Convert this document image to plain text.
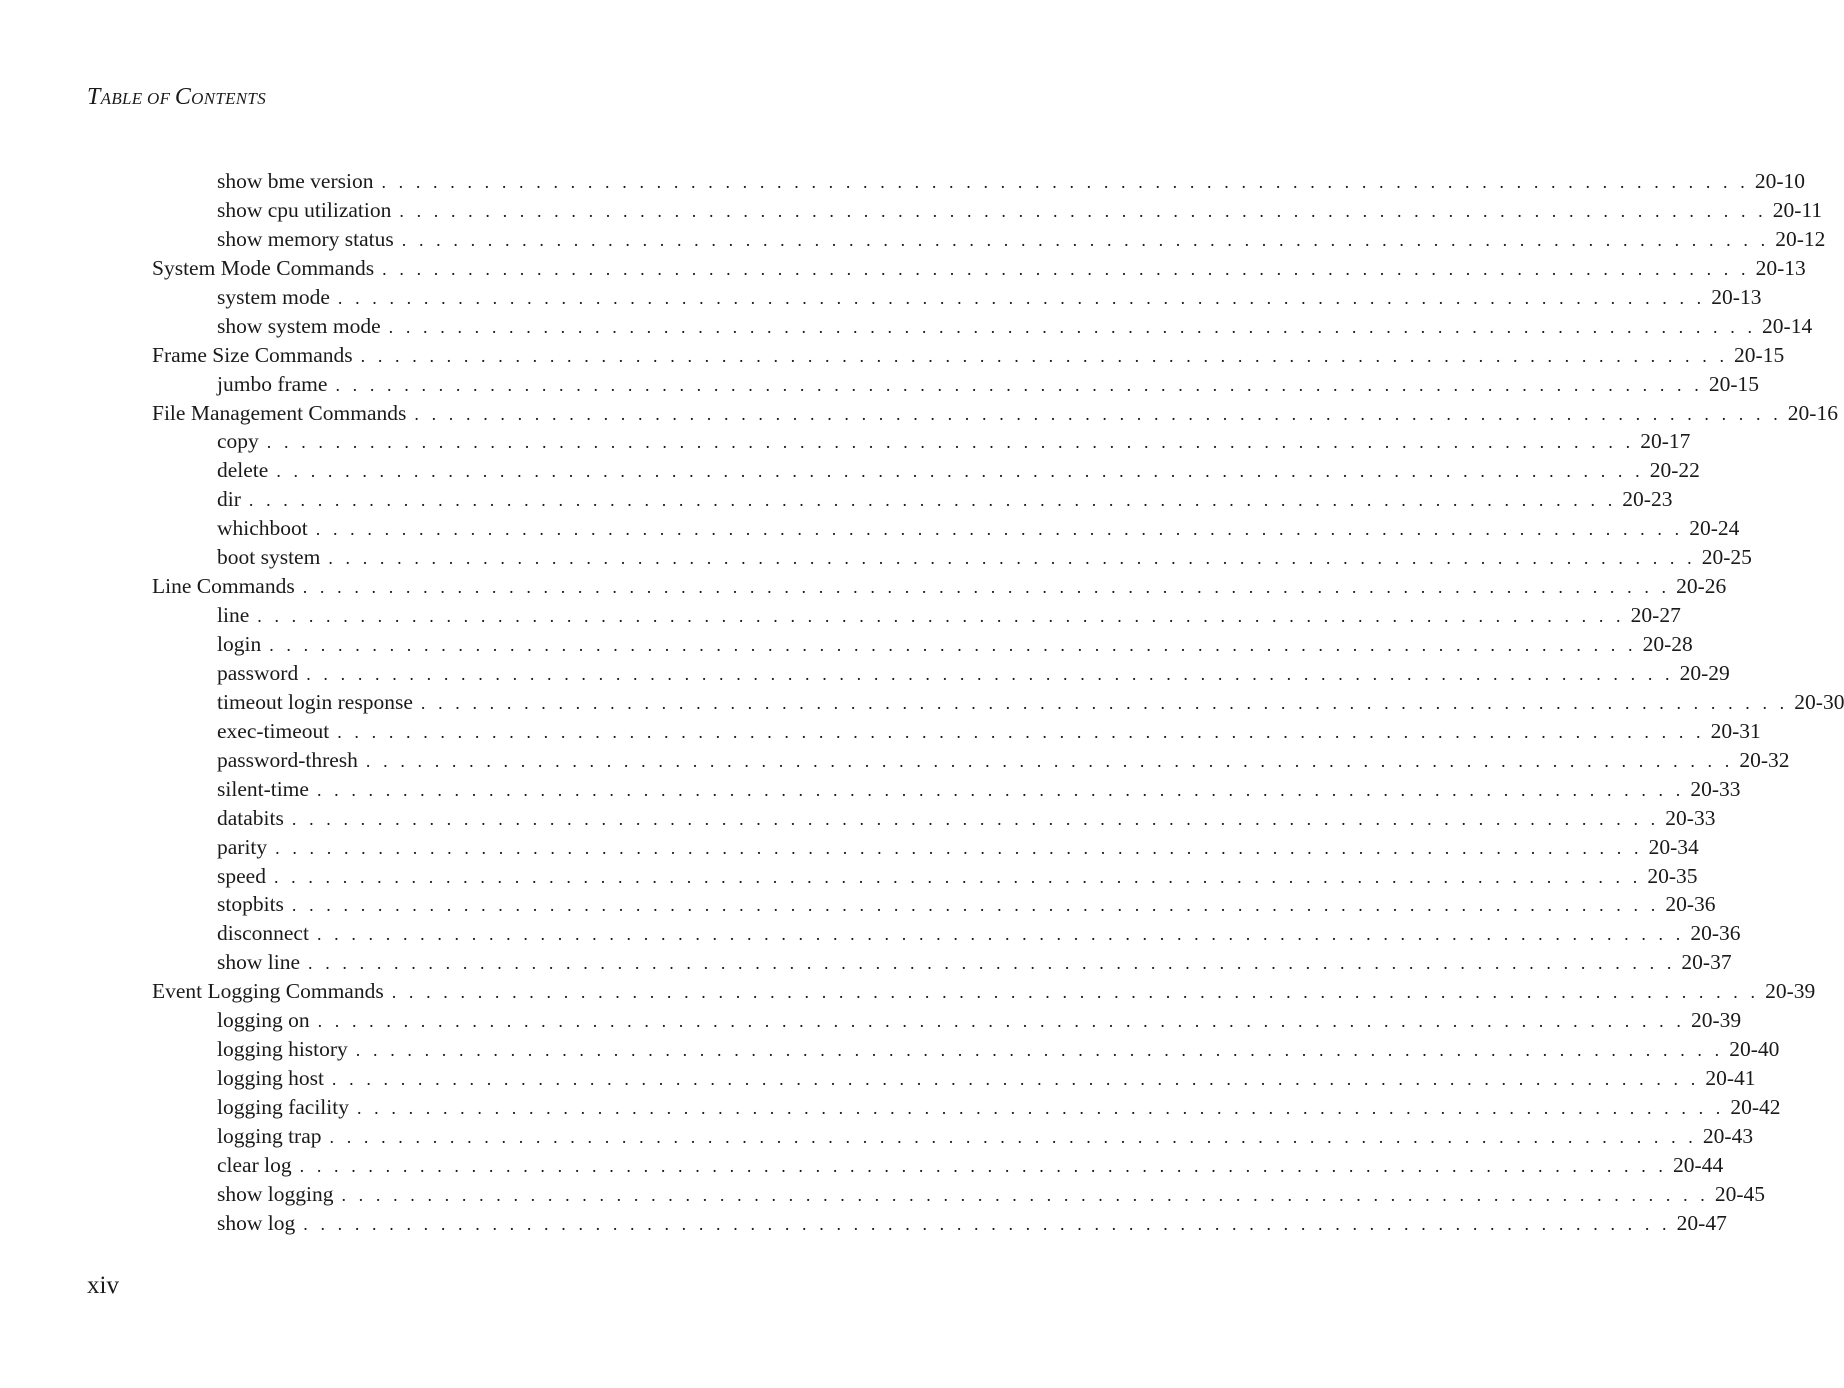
TABLE OF CONTENTS
show bme version . . . . . . . . . . . . . . . . . . . . . . . . . . . . . . . . . . . . . . . . . . . . . . . . . . . . . . . . . . . . . . . . . . . . . . . . . . . . . . . . 20-10
show cpu utilization . . . . . . . . . . . . . . . . . . . . . . . . . . . . . . . . . . . . . . . . . . . . . . . . . . . . . . . . . . . . . . . . . . . . . . . . . . . . . . . . 20-11
show memory status . . . . . . . . . . . . . . . . . . . . . . . . . . . . . . . . . . . . . . . . . . . . . . . . . . . . . . . . . . . . . . . . . . . . . . . . . . . . . . . . 20-12
System Mode Commands . . . . . . . . . . . . . . . . . . . . . . . . . . . . . . . . . . . . . . . . . . . . . . . . . . . . . . . . . . . . . . . . . . . . . . . . . . . . . . . . 20-13
system mode . . . . . . . . . . . . . . . . . . . . . . . . . . . . . . . . . . . . . . . . . . . . . . . . . . . . . . . . . . . . . . . . . . . . . . . . . . . . . . . . 20-13
show system mode . . . . . . . . . . . . . . . . . . . . . . . . . . . . . . . . . . . . . . . . . . . . . . . . . . . . . . . . . . . . . . . . . . . . . . . . . . . . . . . . 20-14
Frame Size Commands . . . . . . . . . . . . . . . . . . . . . . . . . . . . . . . . . . . . . . . . . . . . . . . . . . . . . . . . . . . . . . . . . . . . . . . . . . . . . . . . 20-15
jumbo frame . . . . . . . . . . . . . . . . . . . . . . . . . . . . . . . . . . . . . . . . . . . . . . . . . . . . . . . . . . . . . . . . . . . . . . . . . . . . . . . . 20-15
File Management Commands . . . . . . . . . . . . . . . . . . . . . . . . . . . . . . . . . . . . . . . . . . . . . . . . . . . . . . . . . . . . . . . . . . . . . . . . . . . . . . . . 20-16
copy . . . . . . . . . . . . . . . . . . . . . . . . . . . . . . . . . . . . . . . . . . . . . . . . . . . . . . . . . . . . . . . . . . . . . . . . . . . . . . . . 20-17
delete . . . . . . . . . . . . . . . . . . . . . . . . . . . . . . . . . . . . . . . . . . . . . . . . . . . . . . . . . . . . . . . . . . . . . . . . . . . . . . . . 20-22
dir . . . . . . . . . . . . . . . . . . . . . . . . . . . . . . . . . . . . . . . . . . . . . . . . . . . . . . . . . . . . . . . . . . . . . . . . . . . . . . . . 20-23
whichboot . . . . . . . . . . . . . . . . . . . . . . . . . . . . . . . . . . . . . . . . . . . . . . . . . . . . . . . . . . . . . . . . . . . . . . . . . . . . . . . . 20-24
boot system . . . . . . . . . . . . . . . . . . . . . . . . . . . . . . . . . . . . . . . . . . . . . . . . . . . . . . . . . . . . . . . . . . . . . . . . . . . . . . . . 20-25
Line Commands . . . . . . . . . . . . . . . . . . . . . . . . . . . . . . . . . . . . . . . . . . . . . . . . . . . . . . . . . . . . . . . . . . . . . . . . . . . . . . . . 20-26
line . . . . . . . . . . . . . . . . . . . . . . . . . . . . . . . . . . . . . . . . . . . . . . . . . . . . . . . . . . . . . . . . . . . . . . . . . . . . . . . . 20-27
login . . . . . . . . . . . . . . . . . . . . . . . . . . . . . . . . . . . . . . . . . . . . . . . . . . . . . . . . . . . . . . . . . . . . . . . . . . . . . . . . 20-28
password . . . . . . . . . . . . . . . . . . . . . . . . . . . . . . . . . . . . . . . . . . . . . . . . . . . . . . . . . . . . . . . . . . . . . . . . . . . . . . . . 20-29
timeout login response . . . . . . . . . . . . . . . . . . . . . . . . . . . . . . . . . . . . . . . . . . . . . . . . . . . . . . . . . . . . . . . . . . . . . . . . . . . . . . . . 20-30
exec-timeout . . . . . . . . . . . . . . . . . . . . . . . . . . . . . . . . . . . . . . . . . . . . . . . . . . . . . . . . . . . . . . . . . . . . . . . . . . . . . . . . 20-31
password-thresh . . . . . . . . . . . . . . . . . . . . . . . . . . . . . . . . . . . . . . . . . . . . . . . . . . . . . . . . . . . . . . . . . . . . . . . . . . . . . . . . 20-32
silent-time . . . . . . . . . . . . . . . . . . . . . . . . . . . . . . . . . . . . . . . . . . . . . . . . . . . . . . . . . . . . . . . . . . . . . . . . . . . . . . . . 20-33
databits . . . . . . . . . . . . . . . . . . . . . . . . . . . . . . . . . . . . . . . . . . . . . . . . . . . . . . . . . . . . . . . . . . . . . . . . . . . . . . . . 20-33
parity . . . . . . . . . . . . . . . . . . . . . . . . . . . . . . . . . . . . . . . . . . . . . . . . . . . . . . . . . . . . . . . . . . . . . . . . . . . . . . . . 20-34
speed . . . . . . . . . . . . . . . . . . . . . . . . . . . . . . . . . . . . . . . . . . . . . . . . . . . . . . . . . . . . . . . . . . . . . . . . . . . . . . . . 20-35
stopbits . . . . . . . . . . . . . . . . . . . . . . . . . . . . . . . . . . . . . . . . . . . . . . . . . . . . . . . . . . . . . . . . . . . . . . . . . . . . . . . . 20-36
disconnect . . . . . . . . . . . . . . . . . . . . . . . . . . . . . . . . . . . . . . . . . . . . . . . . . . . . . . . . . . . . . . . . . . . . . . . . . . . . . . . . 20-36
show line . . . . . . . . . . . . . . . . . . . . . . . . . . . . . . . . . . . . . . . . . . . . . . . . . . . . . . . . . . . . . . . . . . . . . . . . . . . . . . . . 20-37
Event Logging Commands . . . . . . . . . . . . . . . . . . . . . . . . . . . . . . . . . . . . . . . . . . . . . . . . . . . . . . . . . . . . . . . . . . . . . . . . . . . . . . . . 20-39
logging on . . . . . . . . . . . . . . . . . . . . . . . . . . . . . . . . . . . . . . . . . . . . . . . . . . . . . . . . . . . . . . . . . . . . . . . . . . . . . . . . 20-39
logging history . . . . . . . . . . . . . . . . . . . . . . . . . . . . . . . . . . . . . . . . . . . . . . . . . . . . . . . . . . . . . . . . . . . . . . . . . . . . . . . . 20-40
logging host . . . . . . . . . . . . . . . . . . . . . . . . . . . . . . . . . . . . . . . . . . . . . . . . . . . . . . . . . . . . . . . . . . . . . . . . . . . . . . . . 20-41
logging facility . . . . . . . . . . . . . . . . . . . . . . . . . . . . . . . . . . . . . . . . . . . . . . . . . . . . . . . . . . . . . . . . . . . . . . . . . . . . . . . . 20-42
logging trap . . . . . . . . . . . . . . . . . . . . . . . . . . . . . . . . . . . . . . . . . . . . . . . . . . . . . . . . . . . . . . . . . . . . . . . . . . . . . . . . 20-43
clear log . . . . . . . . . . . . . . . . . . . . . . . . . . . . . . . . . . . . . . . . . . . . . . . . . . . . . . . . . . . . . . . . . . . . . . . . . . . . . . . . 20-44
show logging . . . . . . . . . . . . . . . . . . . . . . . . . . . . . . . . . . . . . . . . . . . . . . . . . . . . . . . . . . . . . . . . . . . . . . . . . . . . . . . . 20-45
show log . . . . . . . . . . . . . . . . . . . . . . . . . . . . . . . . . . . . . . . . . . . . . . . . . . . . . . . . . . . . . . . . . . . . . . . . . . . . . . . . 20-47
xiv
